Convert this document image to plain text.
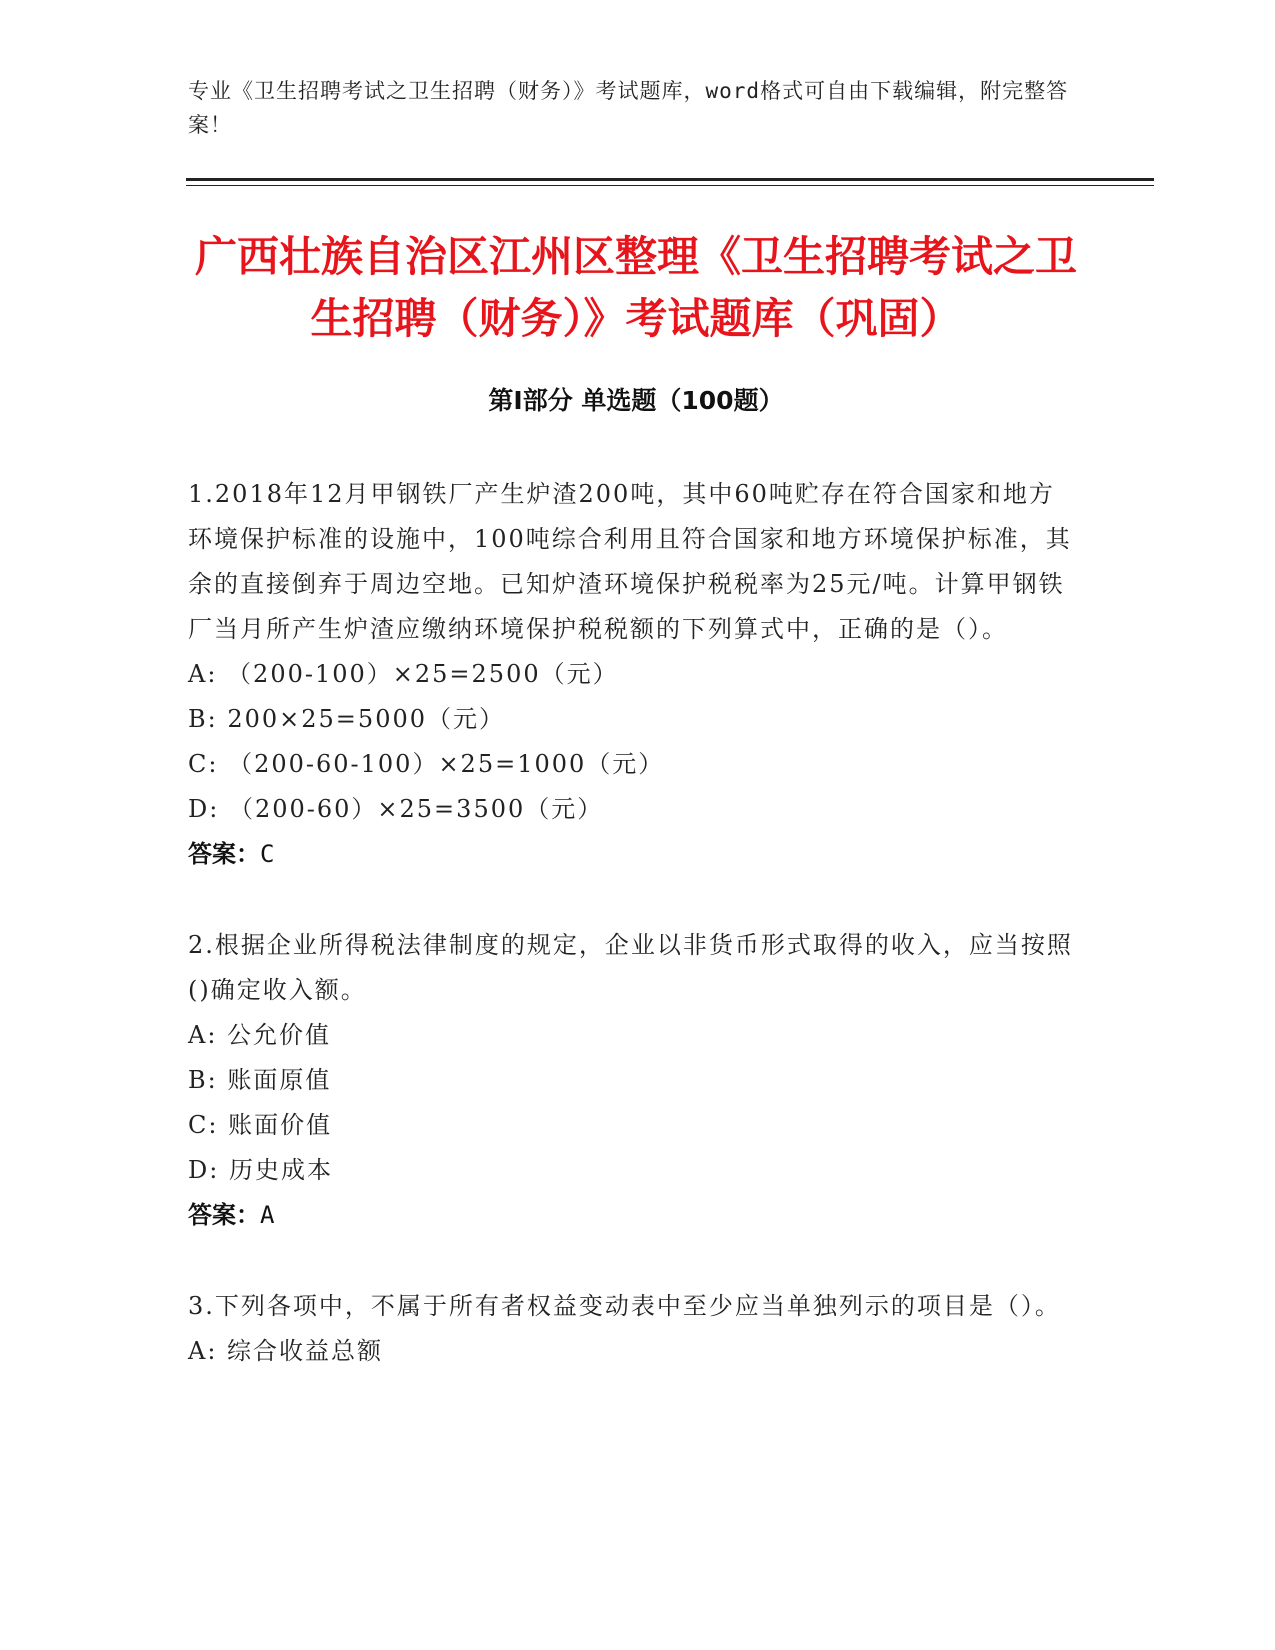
专业《卫生招聘考试之卫生招聘（财务）》考试题库，word格式可自由下载编辑，附完整答案！
广西壮族自治区江州区整理《卫生招聘考试之卫生招聘（财务）》考试题库（巩固）
第Ⅰ部分 单选题（100题）
1.2018年12月甲钢铁厂产生炉渣200吨，其中60吨贮存在符合国家和地方环境保护标准的设施中，100吨综合利用且符合国家和地方环境保护标准，其余的直接倒弃于周边空地。已知炉渣环境保护税税率为25元/吨。计算甲钢铁厂当月所产生炉渣应缴纳环境保护税税额的下列算式中，正确的是（）。
A: （200-100）×25=2500（元）
B: 200×25=5000（元）
C: （200-60-100）×25=1000（元）
D: （200-60）×25=3500（元）
答案：C
2.根据企业所得税法律制度的规定，企业以非货币形式取得的收入，应当按照()确定收入额。
A: 公允价值
B: 账面原值
C: 账面价值
D: 历史成本
答案：A
3.下列各项中，不属于所有者权益变动表中至少应当单独列示的项目是（）。
A: 综合收益总额
